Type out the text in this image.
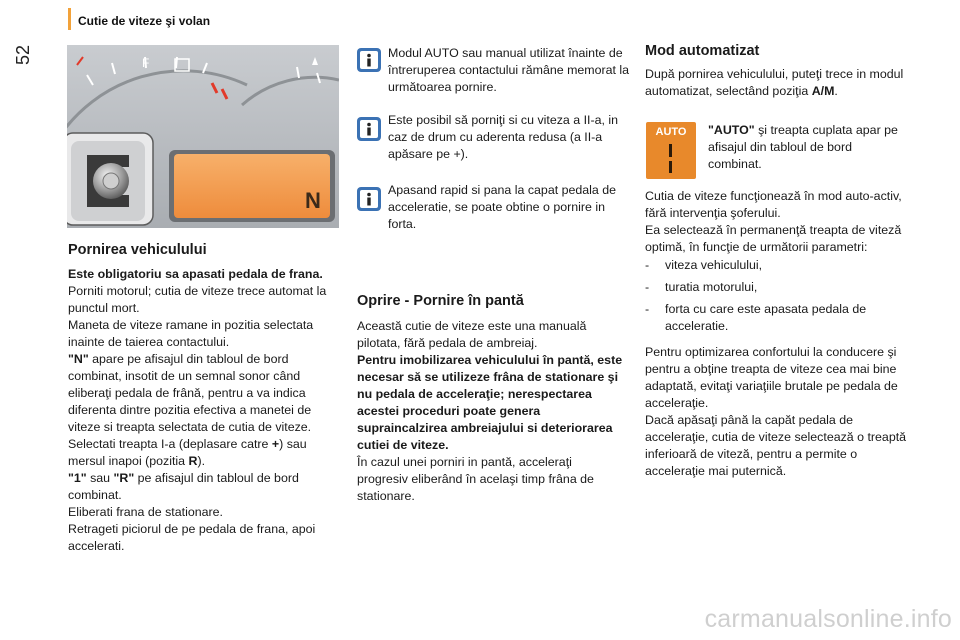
52
Cutie de viteze şi volan
F
N
Pornirea vehiculului

Este obligatoriu sa apasati pedala de frana.

Porniti motorul; cutia de viteze trece automat la punctul mort.

Maneta de viteze ramane in pozitia selectata inainte de taierea contactului.

"N" apare pe afisajul din tabloul de bord combinat, insotit de un semnal sonor când eliberaţi pedala de frână, pentru a va indica diferenta dintre pozitia efectiva a manetei de viteze si treapta selectata de cutia de viteze.

Selectati treapta I-a (deplasare catre +) sau mersul inapoi (pozitia R).

"1" sau "R" pe afisajul din tabloul de bord combinat.

Eliberati frana de stationare.

Retrageti piciorul de pe pedala de frana, apoi accelerati.

Modul AUTO sau manual utilizat înainte de întreruperea contactului rămâne memorat la următoarea pornire.
Este posibil să porniţi si cu viteza a II-a, in caz de drum cu aderenta redusa (a II-a apăsare pe +).
Apasand rapid si pana la capat pedala de acceleratie, se poate obtine o pornire in forta.
Oprire - Pornire în pantă

Această cutie de viteze este una manuală pilotata, fără pedala de ambreiaj.

Pentru imobilizarea vehiculului în pantă, este necesar să se utilizeze frâna de stationare şi nu pedala de acceleraţie; nerespectarea acestei proceduri poate genera supraincalzirea ambreiajului si deteriorarea cutiei de viteze.

În cazul unei porniri in pantă, acceleraţi progresiv eliberând în acelaşi timp frâna de stationare.

Mod automatizat

După pornirea vehiculului, puteţi trece in modul automatizat, selectând poziţia A/M.

AUTO	"AUTO" şi treapta cuplata apar pe afisajul din tabloul de bord combinat.

Cutia de viteze funcţionează în mod auto-activ, fără intervenţia şoferului.

Ea selectează în permanenţă treapta de viteză optimă, în funcţie de următorii parametri:

-	viteza vehiculului,
-	turatia motorului,
-	forta cu care este apasata pedala de acceleratie.

Pentru optimizarea confortului la conducere şi pentru a obţine treapta de viteze cea mai bine adaptată, evitaţi variaţiile brutale pe pedala de acceleraţie.

Dacă apăsaţi până la capăt pedala de acceleraţie, cutia de viteze selectează o treaptă inferioară de viteză, pentru a permite o acceleraţie mai puternică.

carmanualsonline.info
